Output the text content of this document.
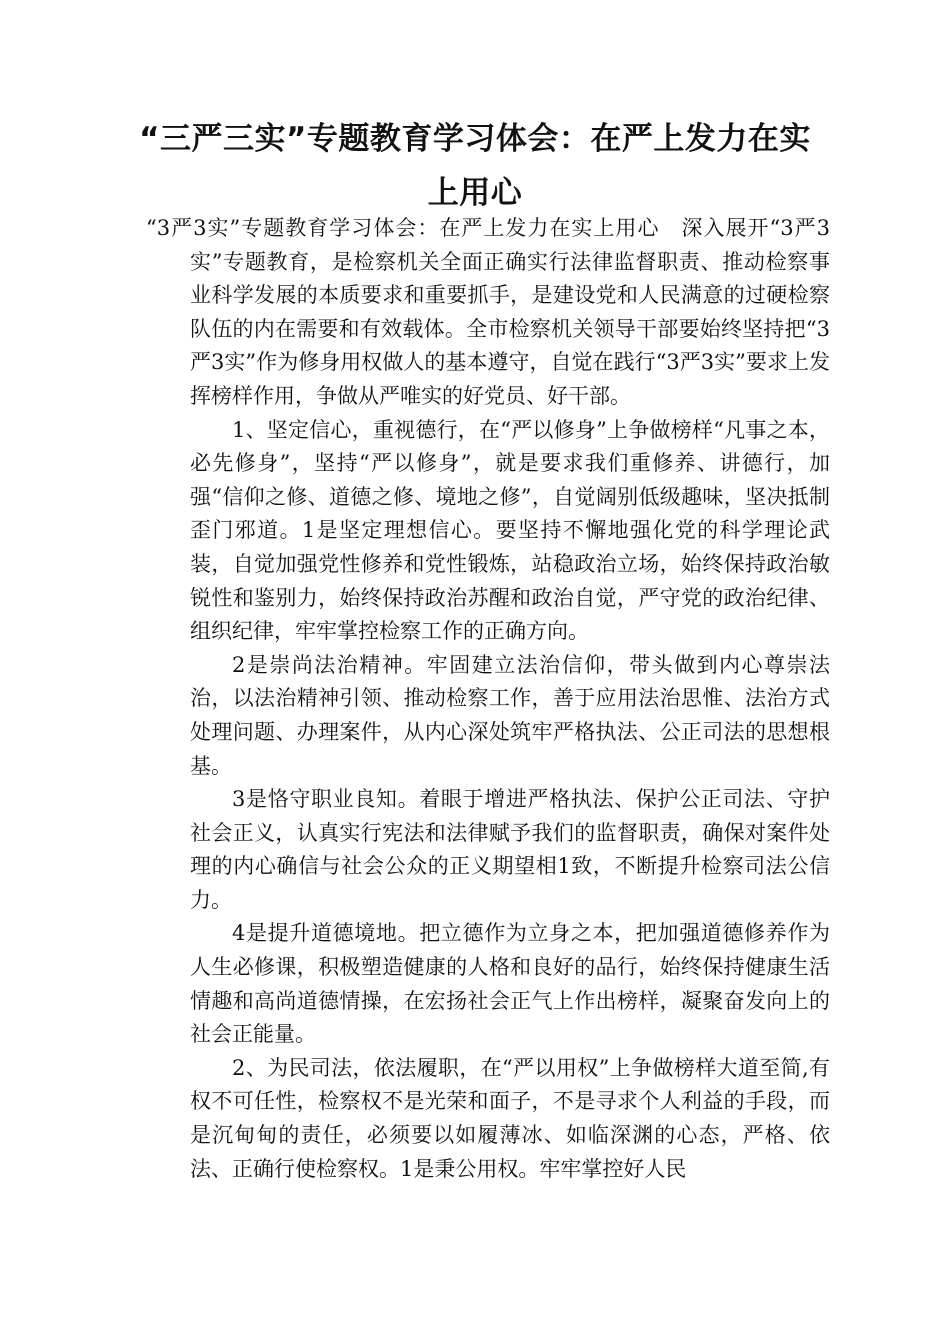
“三严三实”专题教育学习体会：在严上发力在实上用心

“3严3实”专题教育学习体会：在严上发力在实上用心　深入展开“3严3实”专题教育，是检察机关全面正确实行法律监督职责、推动检察事业科学发展的本质要求和重要抓手，是建设党和人民满意的过硬检察队伍的内在需要和有效载体。全市检察机关领导干部要始终坚持把“3严3实”作为修身用权做人的基本遵守，自觉在践行“3严3实”要求上发挥榜样作用，争做从严唯实的好党员、好干部。

1、坚定信心，重视德行，在“严以修身”上争做榜样“凡事之本，必先修身”，坚持“严以修身”，就是要求我们重修养、讲德行，加强“信仰之修、道德之修、境地之修”，自觉阔别低级趣味，坚决抵制歪门邪道。1是坚定理想信心。要坚持不懈地强化党的科学理论武装，自觉加强党性修养和党性锻炼，站稳政治立场，始终保持政治敏锐性和鉴别力，始终保持政治苏醒和政治自觉，严守党的政治纪律、组织纪律，牢牢掌控检察工作的正确方向。

2是崇尚法治精神。牢固建立法治信仰，带头做到内心尊崇法治，以法治精神引领、推动检察工作，善于应用法治思惟、法治方式处理问题、办理案件，从内心深处筑牢严格执法、公正司法的思想根基。

3是恪守职业良知。着眼于增进严格执法、保护公正司法、守护社会正义，认真实行宪法和法律赋予我们的监督职责，确保对案件处理的内心确信与社会公众的正义期望相1致，不断提升检察司法公信力。

4是提升道德境地。把立德作为立身之本，把加强道德修养作为人生必修课，积极塑造健康的人格和良好的品行，始终保持健康生活情趣和高尚道德情操，在宏扬社会正气上作出榜样，凝聚奋发向上的社会正能量。

2、为民司法，依法履职，在“严以用权”上争做榜样大道至简,有权不可任性，检察权不是光荣和面子，不是寻求个人利益的手段，而是沉甸甸的责任，必须要以如履薄冰、如临深渊的心态，严格、依法、正确行使检察权。1是秉公用权。牢牢掌控好人民
